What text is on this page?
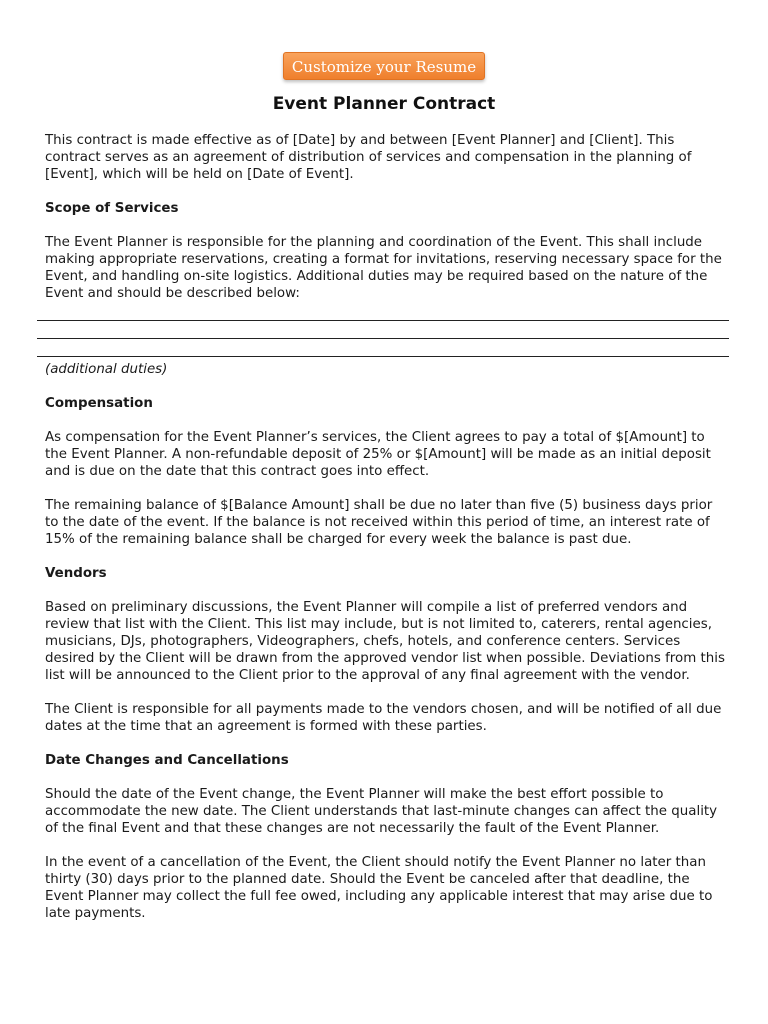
Customize your Resume
Event Planner Contract

This contract is made effective as of [Date] by and between [Event Planner] and [Client]. This contract serves as an agreement of distribution of services and compensation in the planning of [Event], which will be held on [Date of Event].

Scope of Services

The Event Planner is responsible for the planning and coordination of the Event. This shall include making appropriate reservations, creating a format for invitations, reserving necessary space for the Event, and handling on-site logistics. Additional duties may be required based on the nature of the Event and should be described below:

(additional duties)

Compensation

As compensation for the Event Planner’s services, the Client agrees to pay a total of $[Amount] to the Event Planner. A non-refundable deposit of 25% or $[Amount] will be made as an initial deposit and is due on the date that this contract goes into effect.

The remaining balance of $[Balance Amount] shall be due no later than five (5) business days prior to the date of the event. If the balance is not received within this period of time, an interest rate of 15% of the remaining balance shall be charged for every week the balance is past due.

Vendors

Based on preliminary discussions, the Event Planner will compile a list of preferred vendors and review that list with the Client. This list may include, but is not limited to, caterers, rental agencies, musicians, DJs, photographers, Videographers, chefs, hotels, and conference centers. Services desired by the Client will be drawn from the approved vendor list when possible. Deviations from this list will be announced to the Client prior to the approval of any final agreement with the vendor.

The Client is responsible for all payments made to the vendors chosen, and will be notified of all due dates at the time that an agreement is formed with these parties.

Date Changes and Cancellations

Should the date of the Event change, the Event Planner will make the best effort possible to accommodate the new date. The Client understands that last-minute changes can affect the quality of the final Event and that these changes are not necessarily the fault of the Event Planner.

In the event of a cancellation of the Event, the Client should notify the Event Planner no later than thirty (30) days prior to the planned date. Should the Event be canceled after that deadline, the Event Planner may collect the full fee owed, including any applicable interest that may arise due to late payments.
